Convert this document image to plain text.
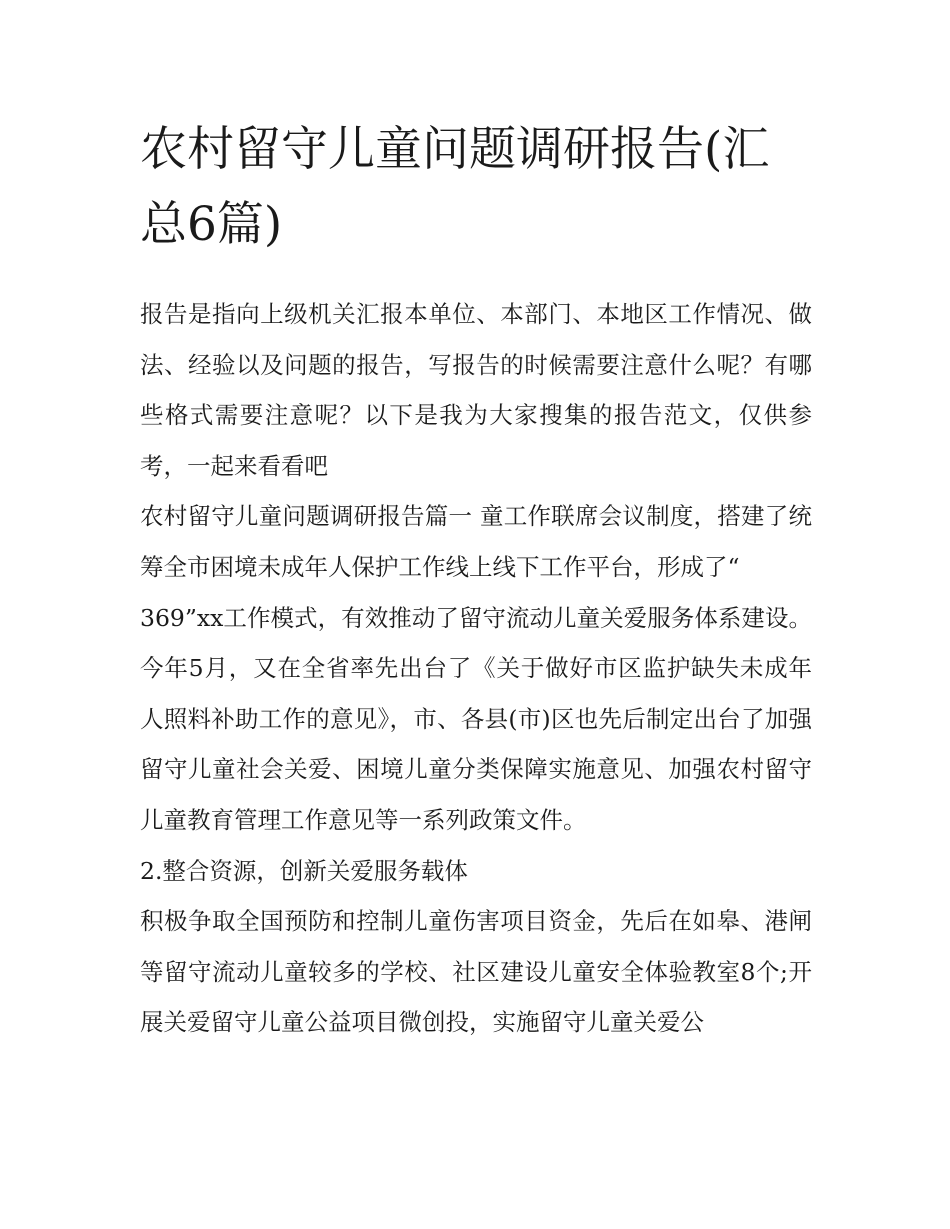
农村留守儿童问题调研报告(汇总6篇)

报告是指向上级机关汇报本单位、本部门、本地区工作情况、做法、经验以及问题的报告，写报告的时候需要注意什么呢？有哪些格式需要注意呢？以下是我为大家搜集的报告范文，仅供参考，一起来看看吧

农村留守儿童问题调研报告篇一 童工作联席会议制度，搭建了统筹全市困境未成年人保护工作线上线下工作平台，形成了“

369”xx工作模式，有效推动了留守流动儿童关爱服务体系建设。今年5月，又在全省率先出台了《关于做好市区监护缺失未成年人照料补助工作的意见》，市、各县(市)区也先后制定出台了加强留守儿童社会关爱、困境儿童分类保障实施意见、加强农村留守儿童教育管理工作意见等一系列政策文件。

2.整合资源，创新关爱服务载体

积极争取全国预防和控制儿童伤害项目资金，先后在如皋、港闸等留守流动儿童较多的学校、社区建设儿童安全体验教室8个;开展关爱留守儿童公益项目微创投，实施留守儿童关爱公
